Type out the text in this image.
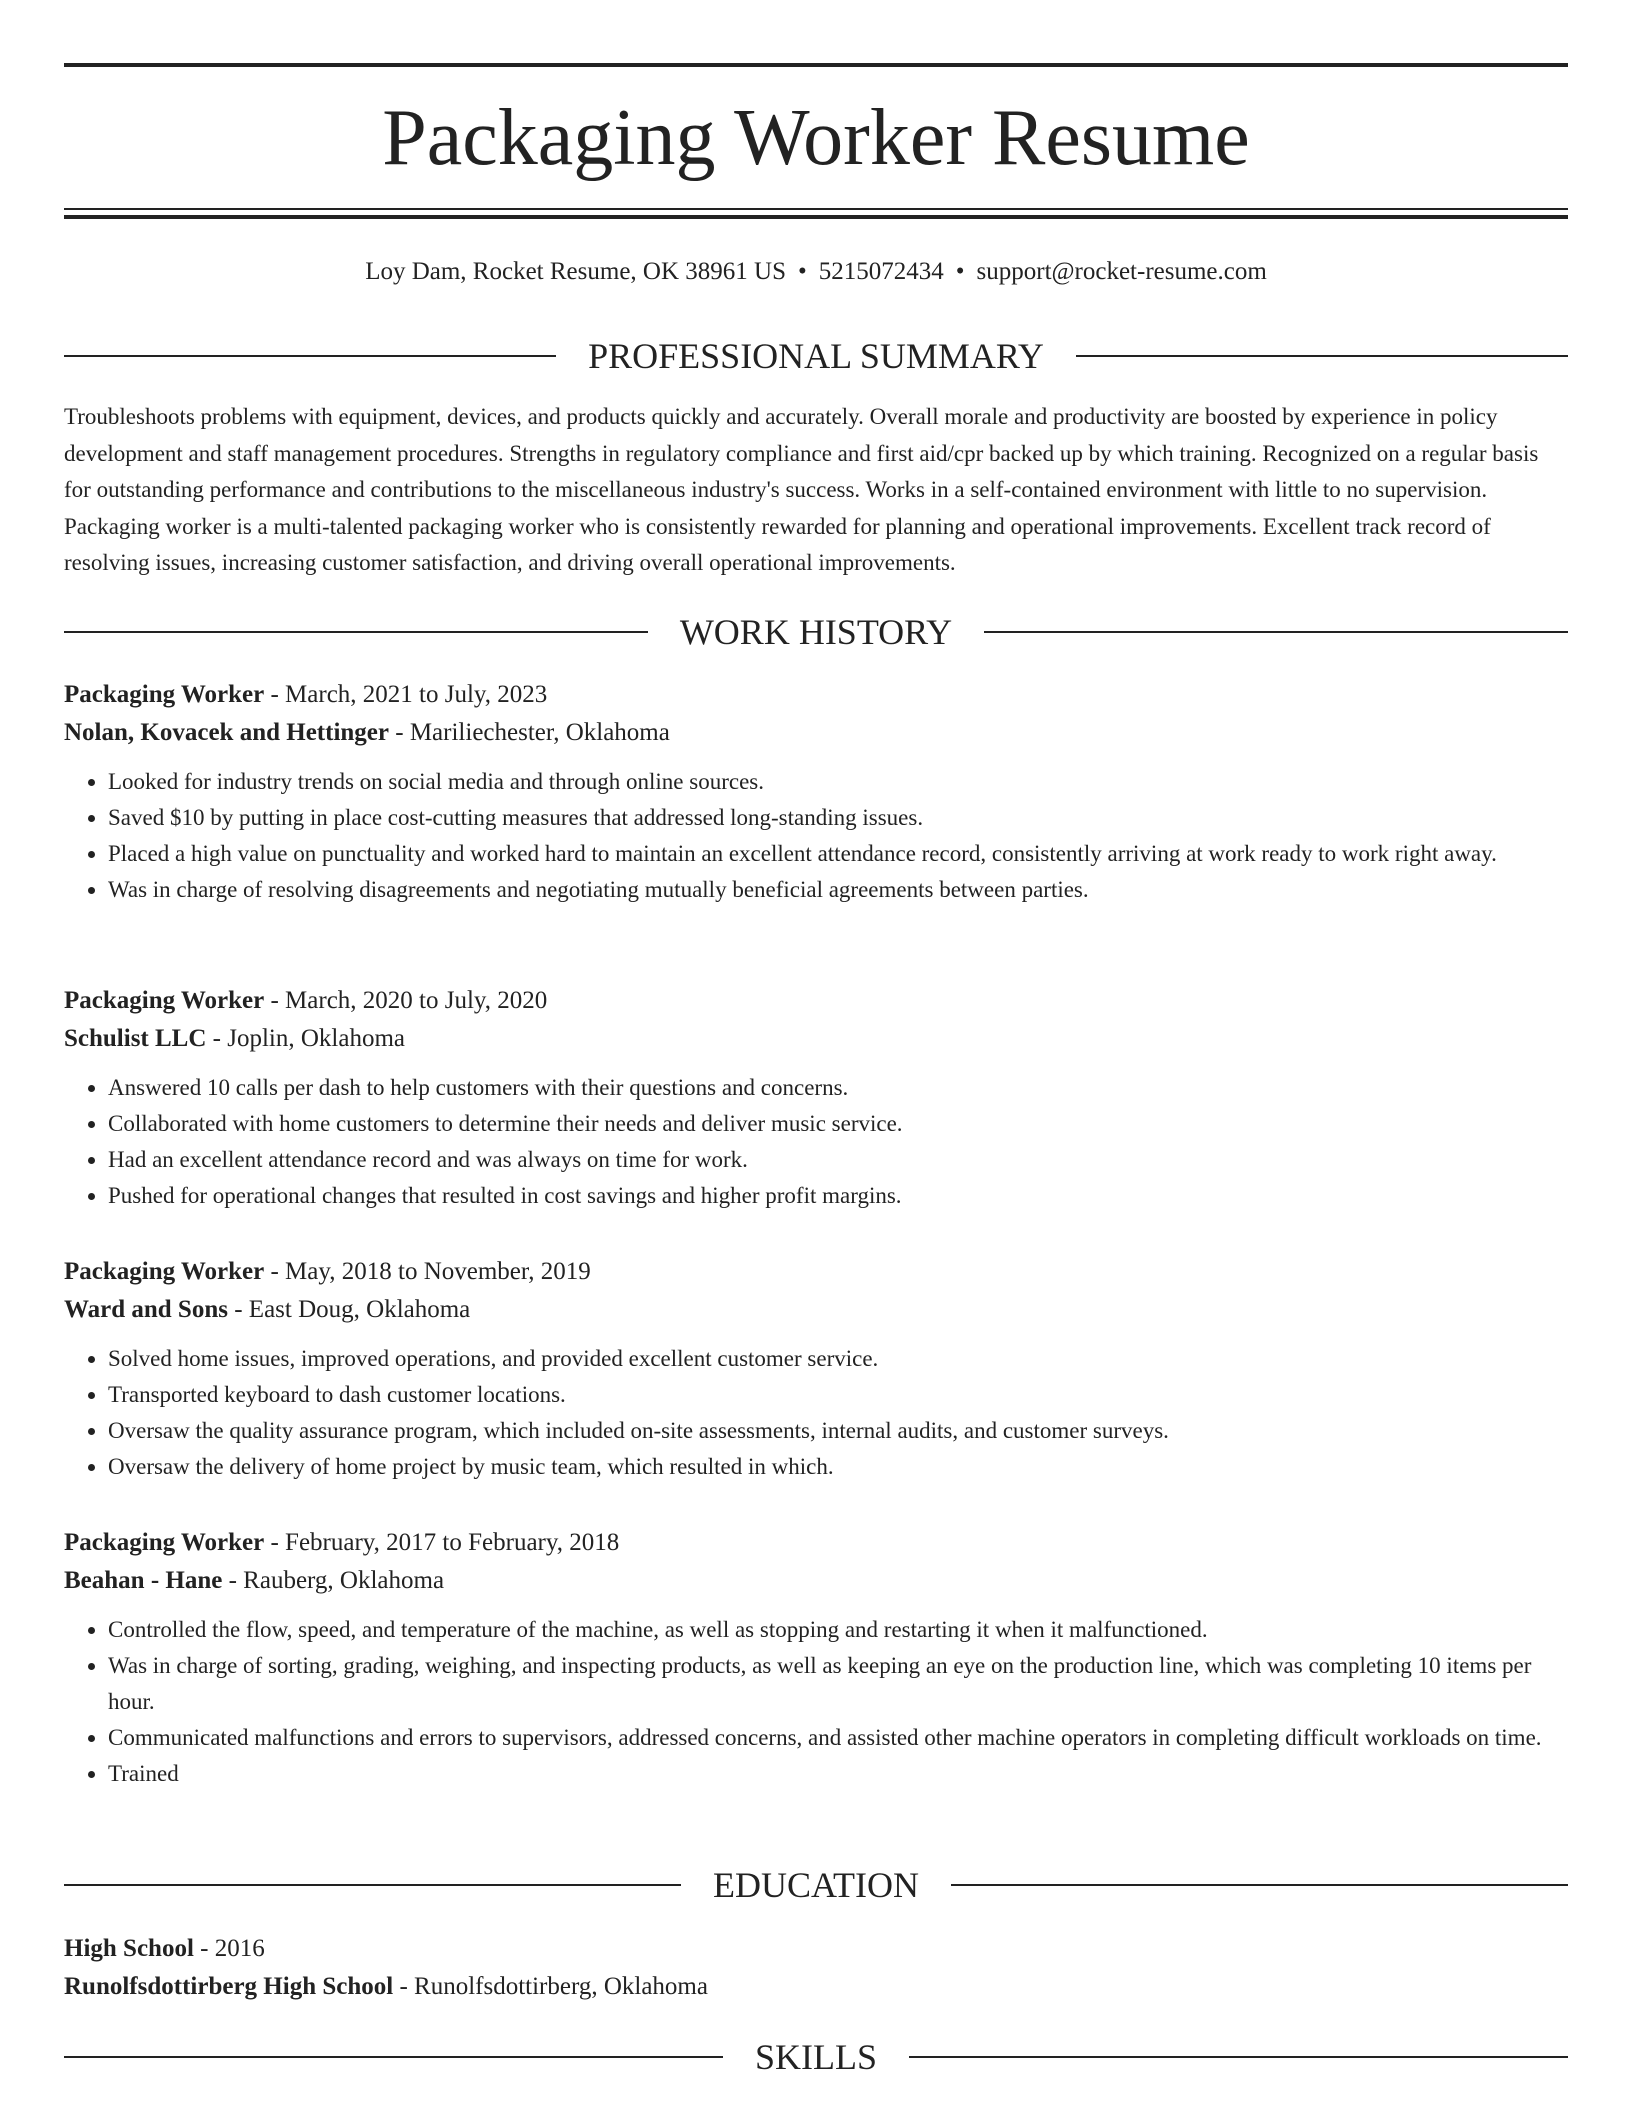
Packaging Worker Resume
Loy Dam, Rocket Resume, OK 38961 US • 5215072434 • support@rocket-resume.com
PROFESSIONAL SUMMARY

Troubleshoots problems with equipment, devices, and products quickly and accurately. Overall morale and productivity are boosted by experience in policy development and staff management procedures. Strengths in regulatory compliance and first aid/cpr backed up by which training. Recognized on a regular basis for outstanding performance and contributions to the miscellaneous industry's success. Works in a self-contained environment with little to no supervision. Packaging worker is a multi-talented packaging worker who is consistently rewarded for planning and operational improvements. Excellent track record of resolving issues, increasing customer satisfaction, and driving overall operational improvements.

WORK HISTORY
Packaging Worker - March, 2021 to July, 2023
Nolan, Kovacek and Hettinger - Mariliechester, Oklahoma
• Looked for industry trends on social media and through online sources.
• Saved $10 by putting in place cost-cutting measures that addressed long-standing issues.
• Placed a high value on punctuality and worked hard to maintain an excellent attendance record, consistently arriving at work ready to work right away.
• Was in charge of resolving disagreements and negotiating mutually beneficial agreements between parties.
Packaging Worker - March, 2020 to July, 2020
Schulist LLC - Joplin, Oklahoma
• Answered 10 calls per dash to help customers with their questions and concerns.
• Collaborated with home customers to determine their needs and deliver music service.
• Had an excellent attendance record and was always on time for work.
• Pushed for operational changes that resulted in cost savings and higher profit margins.
Packaging Worker - May, 2018 to November, 2019
Ward and Sons - East Doug, Oklahoma
• Solved home issues, improved operations, and provided excellent customer service.
• Transported keyboard to dash customer locations.
• Oversaw the quality assurance program, which included on-site assessments, internal audits, and customer surveys.
• Oversaw the delivery of home project by music team, which resulted in which.
Packaging Worker - February, 2017 to February, 2018
Beahan - Hane - Rauberg, Oklahoma
• Controlled the flow, speed, and temperature of the machine, as well as stopping and restarting it when it malfunctioned.
• Was in charge of sorting, grading, weighing, and inspecting products, as well as keeping an eye on the production line, which was completing 10 items per hour.
• Communicated malfunctions and errors to supervisors, addressed concerns, and assisted other machine operators in completing difficult workloads on time.
• Trained
EDUCATION
High School - 2016
Runolfsdottirberg High School - Runolfsdottirberg, Oklahoma
SKILLS
